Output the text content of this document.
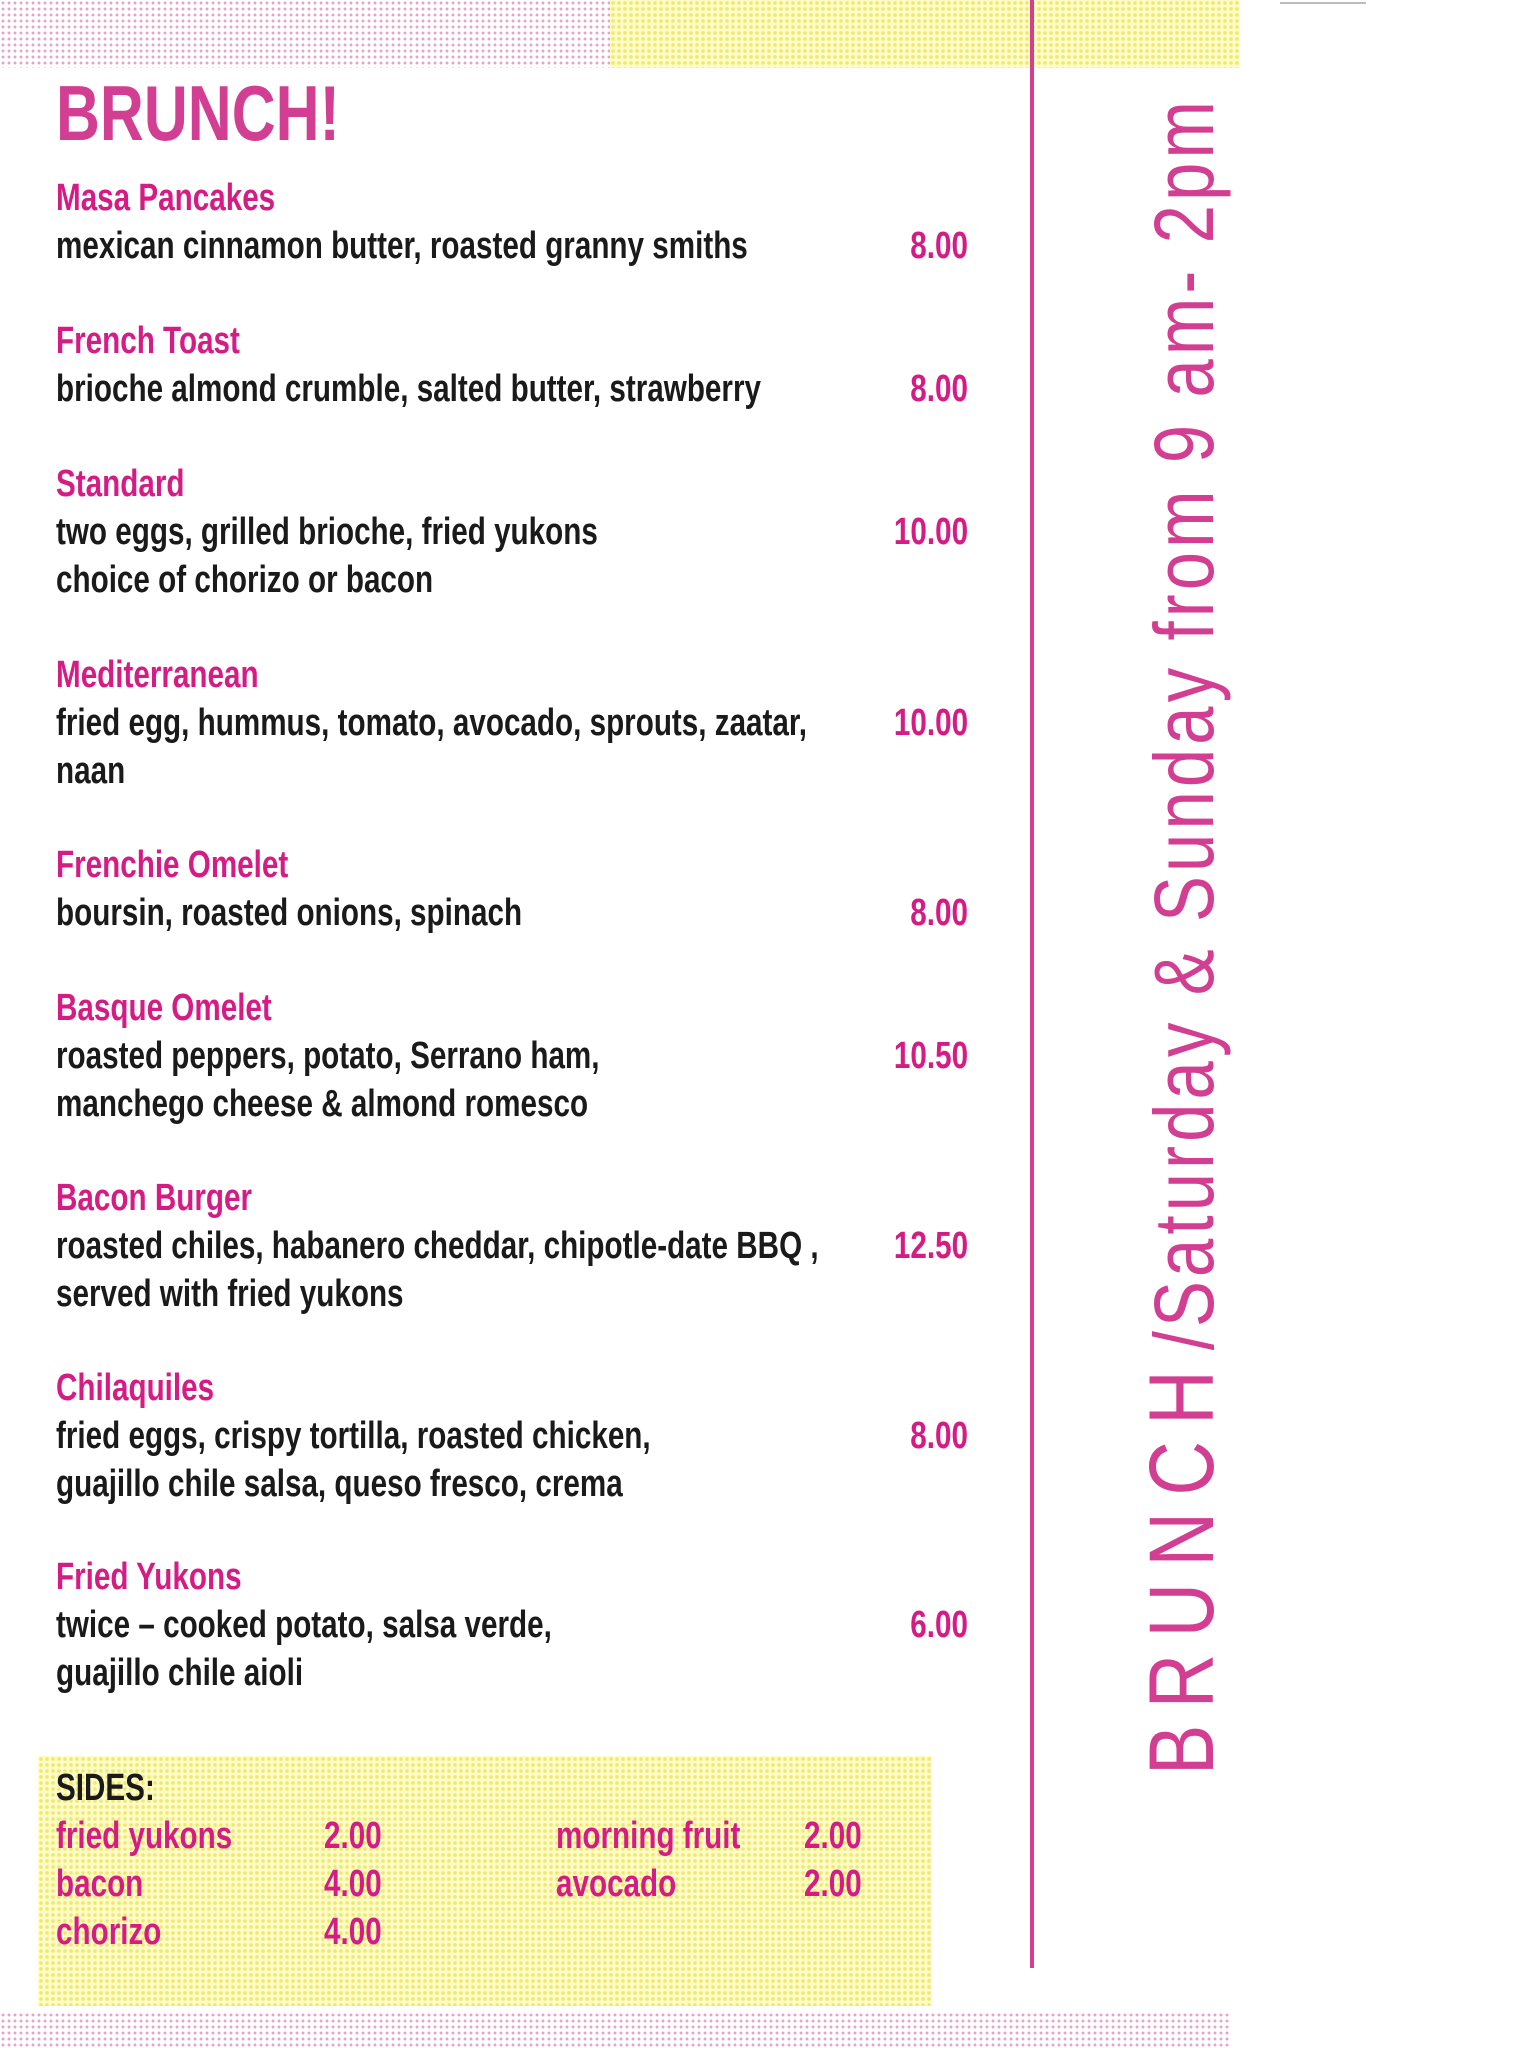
BRUNCH /Saturday & Sunday from 9 am- 2pm
BRUNCH!
Masa Pancakes
mexican cinnamon butter, roasted granny smiths	8.00
French Toast
brioche almond crumble, salted butter, strawberry	8.00
Standard
two eggs, grilled brioche, fried yukons
choice of chorizo or bacon
10.00
Mediterranean
fried egg, hummus, tomato, avocado, sprouts, zaatar,
naan
10.00
Frenchie Omelet
boursin, roasted onions, spinach	8.00
Basque Omelet
roasted peppers, potato, Serrano ham,
manchego cheese & almond romesco
10.50
Bacon Burger
roasted chiles, habanero cheddar, chipotle-date BBQ ,
served with fried yukons
12.50
Chilaquiles
fried eggs, crispy tortilla, roasted chicken,
guajillo chile salsa, queso fresco, crema
8.00
Fried Yukons
twice – cooked potato, salsa verde,
guajillo chile aioli
6.00
SIDES:
fried yukons	2.00
bacon	4.00
chorizo	4.00
morning fruit	2.00
avocado	2.00
